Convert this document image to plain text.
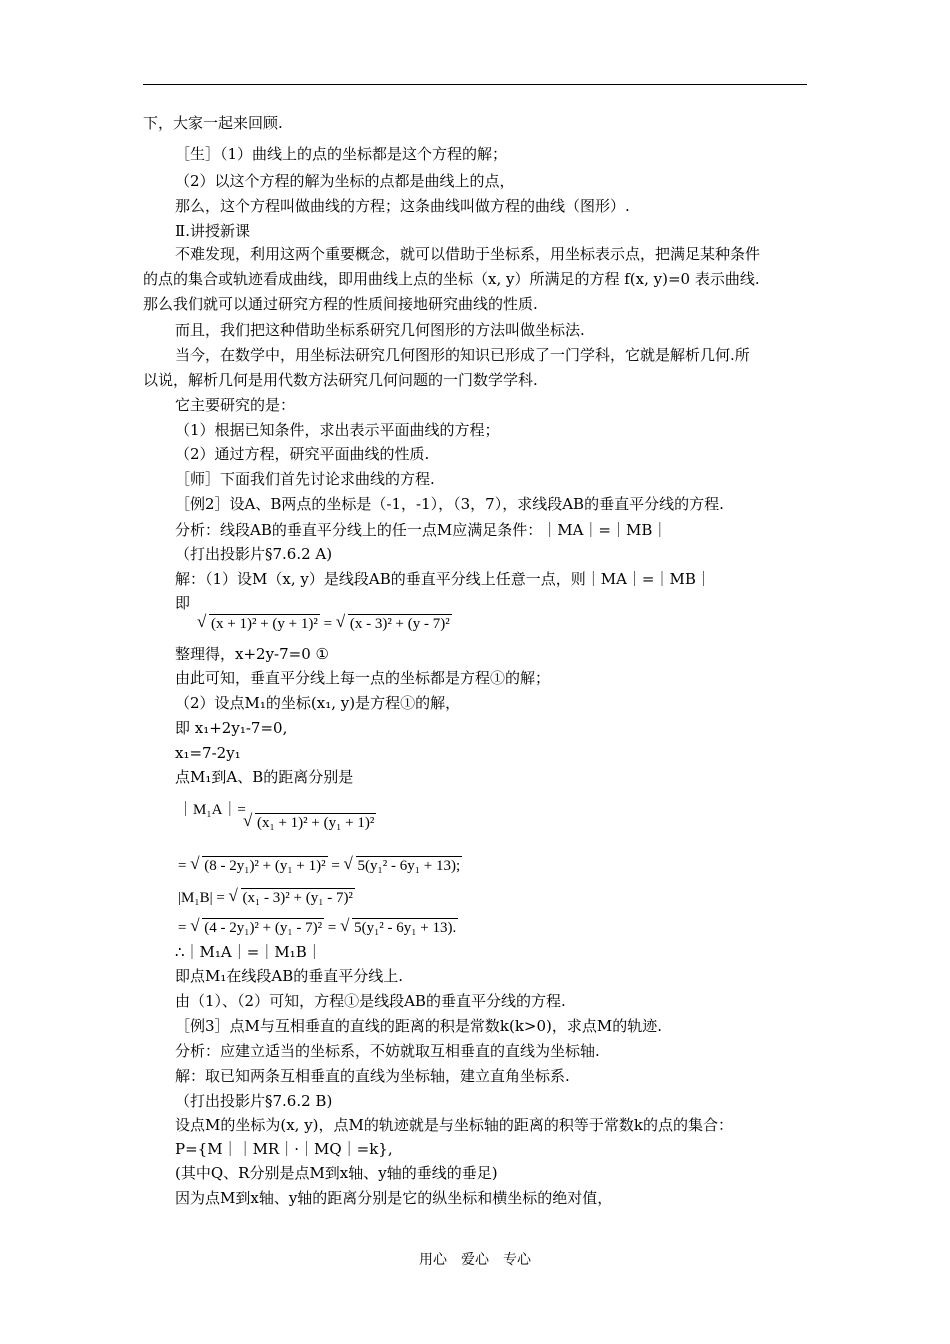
下，大家一起来回顾.
［生］（1）曲线上的点的坐标都是这个方程的解；
（2）以这个方程的解为坐标的点都是曲线上的点，
那么，这个方程叫做曲线的方程；这条曲线叫做方程的曲线（图形）.
Ⅱ.讲授新课
不难发现，利用这两个重要概念，就可以借助于坐标系，用坐标表示点，把满足某种条件
的点的集合或轨迹看成曲线，即用曲线上点的坐标（x, y）所满足的方程 f(x, y)=0 表示曲线.
那么我们就可以通过研究方程的性质间接地研究曲线的性质.
而且，我们把这种借助坐标系研究几何图形的方法叫做坐标法.
当今，在数学中，用坐标法研究几何图形的知识已形成了一门学科，它就是解析几何.所
以说，解析几何是用代数方法研究几何问题的一门数学学科.
它主要研究的是：
（1）根据已知条件，求出表示平面曲线的方程；
（2）通过方程，研究平面曲线的性质.
［师］下面我们首先讨论求曲线的方程.
［例2］设A、B两点的坐标是（-1，-1），（3，7），求线段AB的垂直平分线的方程.
分析：线段AB的垂直平分线上的任一点M应满足条件：｜MA｜=｜MB｜
（打出投影片§7.6.2 A)
解：（1）设M（x, y）是线段AB的垂直平分线上任意一点，则｜MA｜=｜MB｜
即
整理得，x+2y-7=0 ①
由此可知，垂直平分线上每一点的坐标都是方程①的解；
（2）设点M₁的坐标(x₁, y)是方程①的解，
即 x₁+2y₁-7=0,
x₁=7-2y₁
点M₁到A、B的距离分别是
∴｜M₁A｜=｜M₁B｜
即点M₁在线段AB的垂直平分线上.
由（1）、（2）可知，方程①是线段AB的垂直平分线的方程.
［例3］点M与互相垂直的直线的距离的积是常数k(k>0)，求点M的轨迹.
分析：应建立适当的坐标系，不妨就取互相垂直的直线为坐标轴.
解：取已知两条互相垂直的直线为坐标轴，建立直角坐标系.
（打出投影片§7.6.2 B)
设点M的坐标为(x, y)，点M的轨迹就是与坐标轴的距离的积等于常数k的点的集合：
P={M｜｜MR｜·｜MQ｜=k},
(其中Q、R分别是点M到x轴、y轴的垂线的垂足)
因为点M到x轴、y轴的距离分别是它的纵坐标和横坐标的绝对值，
√ (x + 1)² + (y + 1)² = √ (x - 3)² + (y - 7)²
｜M₁A｜=
√ (x₁ + 1)² + (y₁ + 1)²
= √ (8 - 2y₁)² + (y₁ + 1)² = √ 5(y₁² - 6y₁ + 13);
|M₁B| = √ (x₁ - 3)² + (y₁ - 7)²
= √ (4 - 2y₁)² + (y₁ - 7)² = √ 5(y₁² - 6y₁ + 13).
用心　爱心　专心
